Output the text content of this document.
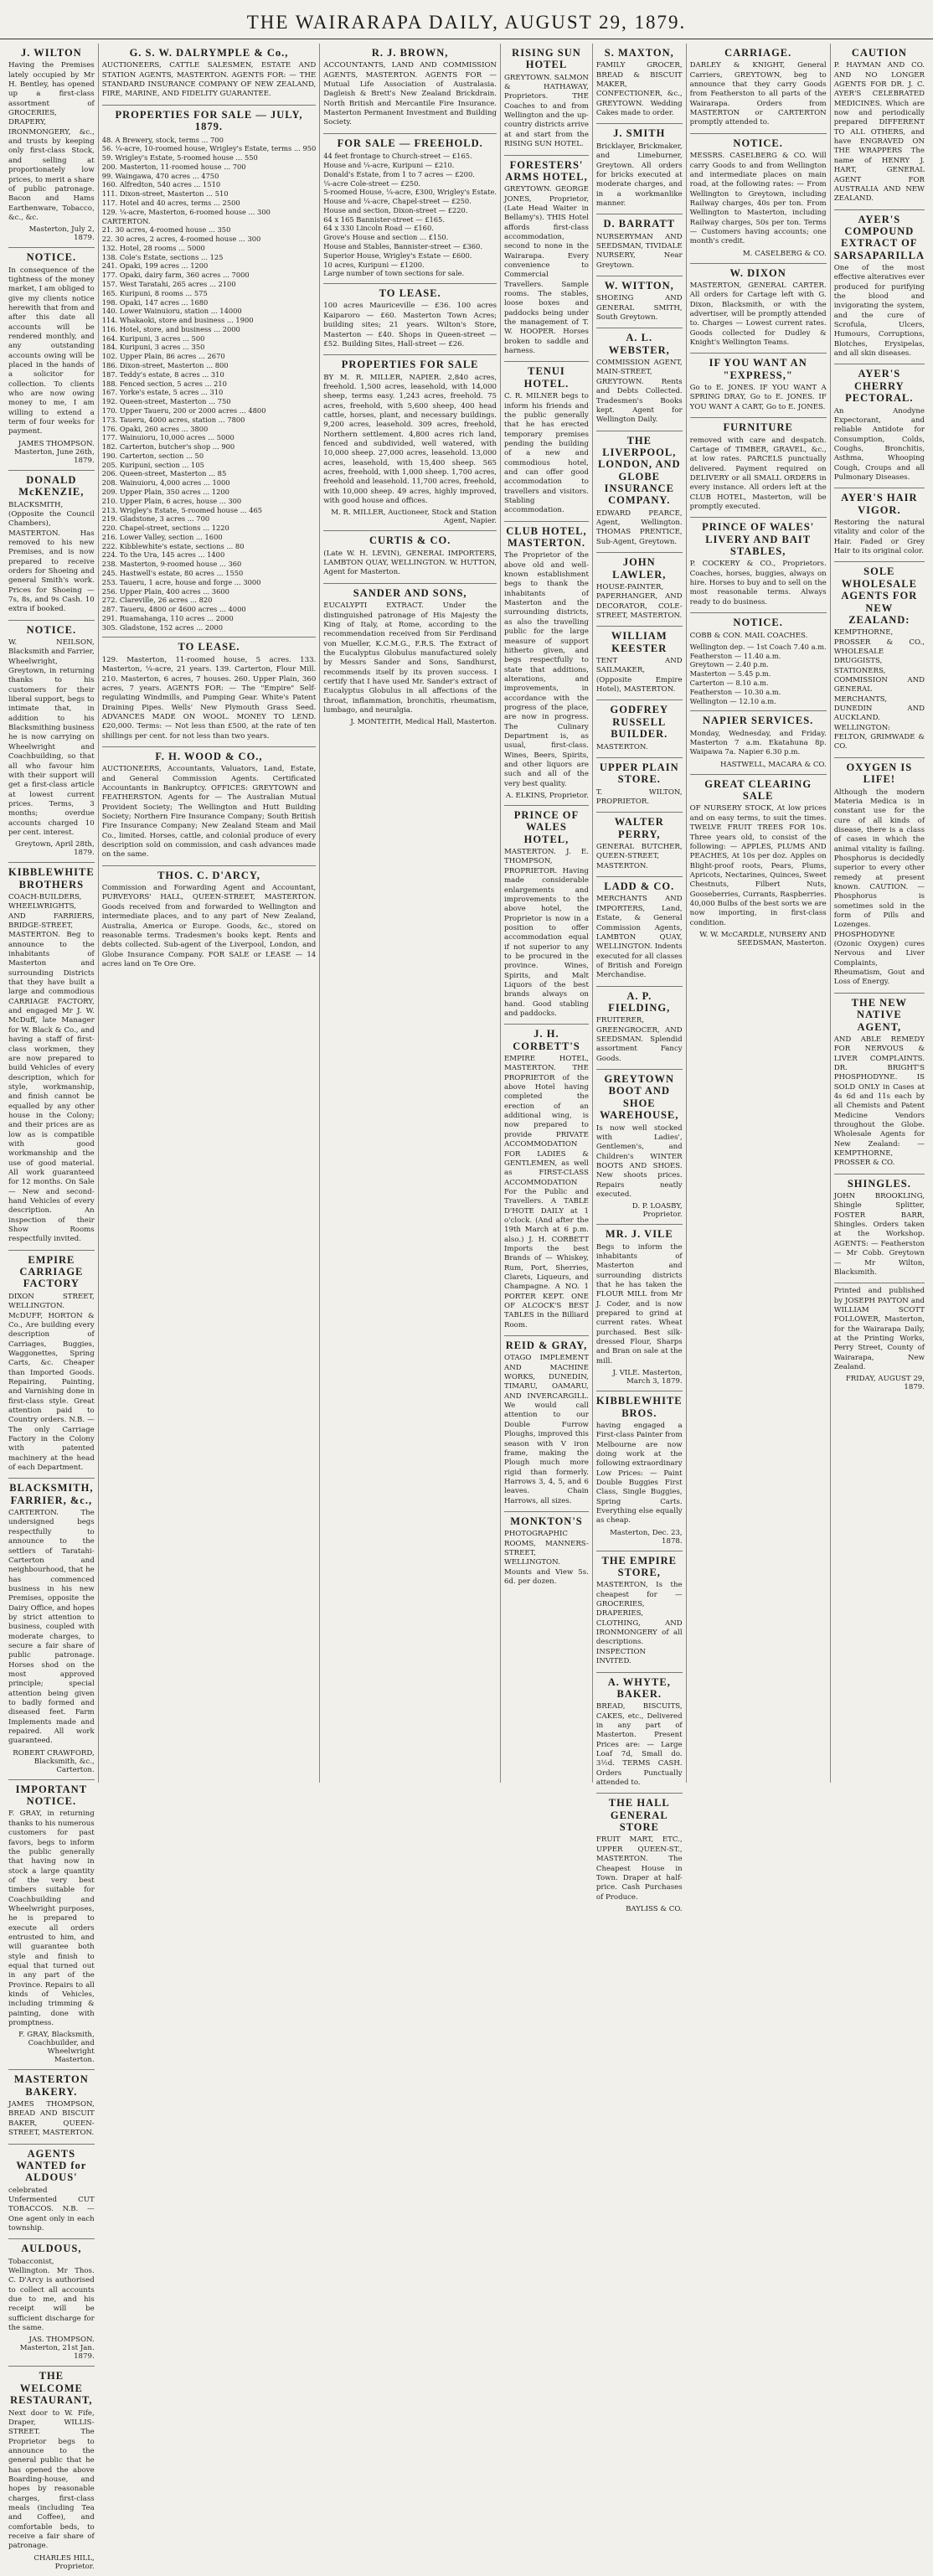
THE WAIRARAPA DAILY, AUGUST 29, 1879.
J. WILTON

Having the Premises lately occupied by Mr H. Bentley, has opened up a first-class assortment of GROCERIES, DRAPERY, IRONMONGERY, &c., and trusts by keeping only first-class Stock, and selling at proportionately low prices, to merit a share of public patronage. Bacon and Hams Earthenware, Tobacco, &c., &c.

Masterton, July 2, 1879.
NOTICE.

In consequence of the tightness of the money market, I am obliged to give my clients notice herewith that from and after this date all accounts will be rendered monthly, and any outstanding accounts owing will be placed in the hands of a solicitor for collection. To clients who are now owing money to me, I am willing to extend a term of four weeks for payment.

JAMES THOMPSON. Masterton, June 26th, 1879.
DONALD McKENZIE,

BLACKSMITH, (Opposite the Council Chambers), MASTERTON. Has removed to his new Premises, and is now prepared to receive orders for Shoeing and general Smith's work. Prices for Shoeing — 7s, 8s, and 9s Cash. 10 extra if booked.

NOTICE.

W. NEILSON, Blacksmith and Farrier, Wheelwright, Greytown, in returning thanks to his customers for their liberal support, begs to intimate that, in addition to his Blacksmithing business he is now carrying on Wheelwright and Coachbuilding, so that all who favour him with their support will get a first-class article at lowest current prices. Terms, 3 months; overdue accounts charged 10 per cent. interest.

Greytown, April 28th, 1879.
KIBBLEWHITE BROTHERS

COACH-BUILDERS, WHEELWRIGHTS, AND FARRIERS, BRIDGE-STREET, MASTERTON. Beg to announce to the inhabitants of Masterton and surrounding Districts that they have built a large and commodious CARRIAGE FACTORY, and engaged Mr J. W. McDuff, late Manager for W. Black & Co., and having a staff of first-class workmen, they are now prepared to build Vehicles of every description, which for style, workmanship, and finish cannot be equalled by any other house in the Colony; and their prices are as low as is compatible with good workmanship and the use of good material. All work guaranteed for 12 months. On Sale — New and second-hand Vehicles of every description. An inspection of their Show Rooms respectfully invited.

EMPIRE CARRIAGE FACTORY

DIXON STREET, WELLINGTON. McDUFF, HORTON & Co., Are building every description of Carriages, Buggies, Waggonettes, Spring Carts, &c. Cheaper than Imported Goods. Repairing, Painting, and Varnishing done in first-class style. Great attention paid to Country orders. N.B. — The only Carriage Factory in the Colony with patented machinery at the head of each Department.

BLACKSMITH, FARRIER, &c.,

CARTERTON. The undersigned begs respectfully to announce to the settlers of Taratahi-Carterton and neighbourhood, that he has commenced business in his new Premises, opposite the Dairy Office, and hopes by strict attention to business, coupled with moderate charges, to secure a fair share of public patronage. Horses shod on the most approved principle; special attention being given to badly formed and diseased feet. Farm Implements made and repaired. All work guaranteed.

ROBERT CRAWFORD, Blacksmith, &c., Carterton.
IMPORTANT NOTICE.

F. GRAY, in returning thanks to his numerous customers for past favors, begs to inform the public generally that having now in stock a large quantity of the very best timbers suitable for Coachbuilding and Wheelwright purposes, he is prepared to execute all orders entrusted to him, and will guarantee both style and finish to equal that turned out in any part of the Province. Repairs to all kinds of Vehicles, including trimming & painting, done with promptness.

F. GRAY, Blacksmith, Coachbuilder, and Wheelwright Masterton.
MASTERTON BAKERY.

JAMES THOMPSON, BREAD AND BISCUIT BAKER, QUEEN-STREET, MASTERTON.

AGENTS WANTED for ALDOUS'

celebrated Unfermented CUT TOBACCOS. N.B. — One agent only in each township.

AULDOUS,

Tobacconist, Wellington. Mr Thos. C. D'Arcy is authorised to collect all accounts due to me, and his receipt will be sufficient discharge for the same.

JAS. THOMPSON. Masterton, 21st Jan. 1879.
THE WELCOME RESTAURANT,

Next door to W. Fife, Draper, WILLIS-STREET. The Proprietor begs to announce to the general public that he has opened the above Boarding-house, and hopes by reasonable charges, first-class meals (including Tea and Coffee), and comfortable beds, to receive a fair share of patronage.

CHARLES HILL, Proprietor.
G. S. W. DALRYMPLE & Co.,

AUCTIONEERS, CATTLE SALESMEN, ESTATE AND STATION AGENTS, MASTERTON. AGENTS FOR: — THE STANDARD INSURANCE COMPANY OF NEW ZEALAND, FIRE, MARINE, AND FIDELITY GUARANTEE.

PROPERTIES FOR SALE — JULY, 1879.
48. A Brewery, stock, terms ... 700
56. ¼-acre, 10-roomed house, Wrigley's Estate, terms ... 950
59. Wrigley's Estate, 5-roomed house ... 550
200. Masterton, 11-roomed house ... 700
99. Waingawa, 470 acres ... 4750
160. Alfredton, 540 acres ... 1510
111. Dixon-street, Masterton ... 510
117. Hotel and 40 acres, terms ... 2500
129. ¼-acre, Masterton, 6-roomed house ... 300
CARTERTON.
21. 30 acres, 4-roomed house ... 350
22. 30 acres, 2 acres, 4-roomed house ... 300
132. Hotel, 28 rooms ... 5000
138. Cole's Estate, sections ... 125
241. Opaki, 199 acres ... 1200
177. Opaki, dairy farm, 360 acres ... 7000
157. West Taratahi, 265 acres ... 2100
165. Kuripuni, 8 rooms ... 575
198. Opaki, 147 acres ... 1680
140. Lower Wainuioru, station ... 14000
114. Whakaoki, store and business ... 1900
116. Hotel, store, and business ... 2000
164. Kuripuni, 3 acres ... 500
184. Kuripuni, 3 acres ... 350
102. Upper Plain, 86 acres ... 2670
186. Dixon-street, Masterton ... 800
187. Teddy's estate, 8 acres ... 310
188. Fenced section, 5 acres ... 210
167. Yorke's estate, 5 acres ... 310
192. Queen-street, Masterton ... 750
170. Upper Taueru, 200 or 2000 acres ... 4800
173. Taueru, 4000 acres, station ... 7800
176. Opaki, 260 acres ... 3800
177. Wainuioru, 10,000 acres ... 5000
182. Carterton, butcher's shop ... 900
190. Carterton, section ... 50
205. Kuripuni, section ... 105
206. Queen-street, Masterton ... 85
208. Wainuioru, 4,000 acres ... 1000
209. Upper Plain, 350 acres ... 1200
210. Upper Plain, 6 acres, house ... 300
213. Wrigley's Estate, 5-roomed house ... 465
219. Gladstone, 3 acres ... 700
220. Chapel-street, sections ... 1220
216. Lower Valley, section ... 1600
222. Kibblewhite's estate, sections ... 80
224. To the Ura, 145 acres ... 1400
238. Masterton, 9-roomed house ... 360
245. Hastwell's estate, 80 acres ... 1550
253. Taueru, 1 acre, house and forge ... 3000
256. Upper Plain, 400 acres ... 3600
272. Clareville, 26 acres ... 820
287. Taueru, 4800 or 4600 acres ... 4000
291. Ruamahanga, 110 acres ... 2000
305. Gladstone, 152 acres ... 2000
TO LEASE.

129. Masterton, 11-roomed house, 5 acres. 133. Masterton, ¼-acre, 21 years. 139. Carterton, Flour Mill. 210. Masterton, 6 acres, 7 houses. 260. Upper Plain, 360 acres, 7 years. AGENTS FOR: — The "Empire" Self-regulating Windmills, and Pumping Gear. White's Patent Draining Pipes. Wells' New Plymouth Grass Seed. ADVANCES MADE ON WOOL. MONEY TO LEND. £20,000. Terms: — Not less than £500, at the rate of ten shillings per cent. for not less than two years.

F. H. WOOD & CO.,

AUCTIONEERS, Accountants, Valuators, Land, Estate, and General Commission Agents. Certificated Accountants in Bankruptcy. OFFICES: GREYTOWN and FEATHERSTON. Agents for — The Australian Mutual Provident Society; The Wellington and Hutt Building Society; Northern Fire Insurance Company; South British Fire Insurance Company; New Zealand Steam and Mail Co., limited. Horses, cattle, and colonial produce of every description sold on commission, and cash advances made on the same.

THOS. C. D'ARCY,

Commission and Forwarding Agent and Accountant, PURVEYORS' HALL, QUEEN-STREET, MASTERTON. Goods received from and forwarded to Wellington and intermediate places, and to any part of New Zealand, Australia, America or Europe. Goods, &c., stored on reasonable terms. Tradesmen's books kept. Rents and debts collected. Sub-agent of the Liverpool, London, and Globe Insurance Company. FOR SALE or LEASE — 14 acres land on Te Ore Ore.

R. J. BROWN,

ACCOUNTANTS, LAND AND COMMISSION AGENTS, MASTERTON. AGENTS FOR — Mutual Life Association of Australasia. Dagleish & Brett's New Zealand Brickdrain. North British and Mercantile Fire Insurance. Masterton Permanent Investment and Building Society.

FOR SALE — FREEHOLD.
44 feet frontage to Church-street — £165.
House and ¼-acre, Kuripuni — £210.
Donald's Estate, from 1 to 7 acres — £200.
¼-acre Cole-street — £250.
5-roomed House, ¼-acre, £300, Wrigley's Estate.
House and ¼-acre, Chapel-street — £250.
House and section, Dixon-street — £220.
64 x 165 Bannister-street — £165.
64 x 330 Lincoln Road — £160.
Grove's House and section ... £150.
House and Stables, Bannister-street — £360.
Superior House, Wrigley's Estate — £600.
10 acres, Kuripuni — £1200.
Large number of town sections for sale.
TO LEASE.

100 acres Mauriceville — £36. 100 acres Kaiparoro — £60. Masterton Town Acres; building sites; 21 years. Wilton's Store, Masterton — £40. Shops in Queen-street — £52. Building Sites, Hall-street — £26.

PROPERTIES FOR SALE

BY M. R. MILLER, NAPIER. 2,840 acres, freehold. 1,500 acres, leasehold, with 14,000 sheep, terms easy. 1,243 acres, freehold. 75 acres, freehold, with 5,600 sheep, 400 head cattle, horses, plant, and necessary buildings. 9,200 acres, leasehold. 309 acres, freehold, Northern settlement. 4,800 acres rich land, fenced and subdivided, well watered, with 10,000 sheep. 27,000 acres, leasehold. 13,000 acres, leasehold, with 15,400 sheep. 565 acres, freehold, with 1,000 sheep. 1,700 acres, freehold and leasehold. 11,700 acres, freehold, with 10,000 sheep. 49 acres, highly improved, with good house and offices.

M. R. MILLER, Auctioneer, Stock and Station Agent, Napier.
CURTIS & CO.

(Late W. H. LEVIN), GENERAL IMPORTERS, LAMBTON QUAY, WELLINGTON. W. HUTTON, Agent for Masterton.

SANDER AND SONS,

EUCALYPTI EXTRACT. Under the distinguished patronage of His Majesty the King of Italy, at Rome, according to the recommendation received from Sir Ferdinand von Mueller, K.C.M.G., F.R.S. The Extract of the Eucalyptus Globulus manufactured solely by Messrs Sander and Sons, Sandhurst, recommends itself by its proven success. I certify that I have used Mr. Sander's extract of Eucalyptus Globulus in all affections of the throat, inflammation, bronchitis, rheumatism, lumbago, and neuralgia.

J. MONTEITH, Medical Hall, Masterton.
RISING SUN HOTEL

GREYTOWN. SALMON & HATHAWAY, Proprietors. THE Coaches to and from Wellington and the up-country districts arrive at and start from the RISING SUN HOTEL.

FORESTERS' ARMS HOTEL,

GREYTOWN. GEORGE JONES, Proprietor, (Late Head Waiter in Bellamy's). THIS Hotel affords first-class accommodation, second to none in the Wairarapa. Every convenience to Commercial Travellers. Sample rooms. The stables, loose boxes and paddocks being under the management of T. W. HOOPER. Horses broken to saddle and harness.

TENUI HOTEL.

C. R. MILNER begs to inform his friends and the public generally that he has erected temporary premises pending the building of a new and commodious hotel, and can offer good accommodation to travellers and visitors. Stabling accommodation.

CLUB HOTEL, MASTERTON.

The Proprietor of the above old and well-known establishment begs to thank the inhabitants of Masterton and the surrounding districts, as also the travelling public for the large measure of support hitherto given, and begs respectfully to state that additions, alterations, and improvements, in accordance with the progress of the place, are now in progress. The Culinary Department is, as usual, first-class. Wines, Beers, Spirits, and other liquors are such and all of the very best quality.

A. ELKINS, Proprietor.
PRINCE OF WALES HOTEL,

MASTERTON. J. E. THOMPSON, PROPRIETOR. Having made considerable enlargements and improvements to the above hotel, the Proprietor is now in a position to offer accommodation equal if not superior to any to be procured in the province. Wines, Spirits, and Malt Liquors of the best brands always on hand. Good stabling and paddocks.

J. H. CORBETT'S

EMPIRE HOTEL, MASTERTON. THE PROPRIETOR of the above Hotel having completed the erection of an additional wing, is now prepared to provide PRIVATE ACCOMMODATION FOR LADIES & GENTLEMEN, as well as FIRST-CLASS ACCOMMODATION For the Public and Travellers. A TABLE D'HOTE DAILY at 1 o'clock. (And after the 19th March at 6 p.m. also.) J. H. CORBETT Imports the best Brands of — Whiskey, Rum, Port, Sherries, Clarets, Liqueurs, and Champagne. A NO. 1 PORTER KEPT. ONE OF ALCOCK'S BEST TABLES in the Billiard Room.

REID & GRAY,

OTAGO IMPLEMENT AND MACHINE WORKS, DUNEDIN, TIMARU, OAMARU, AND INVERCARGILL. We would call attention to our Double Furrow Ploughs, improved this season with V iron frame, making the Plough much more rigid than formerly. Harrows 3, 4, 5, and 6 leaves. Chain Harrows, all sizes.

MONKTON'S

PHOTOGRAPHIC ROOMS, MANNERS-STREET, WELLINGTON. Mounts and View 5s. 6d. per dozen.

S. MAXTON,

FAMILY GROCER, BREAD & BISCUIT MAKER, CONFECTIONER, &c., GREYTOWN. Wedding Cakes made to order.

J. SMITH

Bricklayer, Brickmaker, and Limeburner, Greytown. All orders for bricks executed at moderate charges, and in a workmanlike manner.

D. BARRATT

NURSERYMAN AND SEEDSMAN, TIVIDALE NURSERY, Near Greytown.

W. WITTON,

SHOEING AND GENERAL SMITH, South Greytown.

A. L. WEBSTER,

COMMISSION AGENT, MAIN-STREET, GREYTOWN. Rents and Debts Collected. Tradesmen's Books kept. Agent for Wellington Daily.

THE LIVERPOOL, LONDON, AND GLOBE INSURANCE COMPANY.

EDWARD PEARCE, Agent, Wellington. THOMAS PRENTICE, Sub-Agent, Greytown.

JOHN LAWLER,

HOUSE-PAINTER, PAPERHANGER, AND DECORATOR, COLE-STREET, MASTERTON.

WILLIAM KEESTER

TENT AND SAILMAKER, (Opposite Empire Hotel), MASTERTON.

GODFREY RUSSELL BUILDER.

MASTERTON.

UPPER PLAIN STORE.

T. WILTON, PROPRIETOR.

WALTER PERRY,

GENERAL BUTCHER, QUEEN-STREET, MASTERTON.

LADD & CO.

MERCHANTS AND IMPORTERS, Land, Estate, & General Commission Agents, LAMBTON QUAY, WELLINGTON. Indents executed for all classes of British and Foreign Merchandise.

A. P. FIELDING,

FRUITERER, GREENGROCER, AND SEEDSMAN. Splendid assortment Fancy Goods.

GREYTOWN BOOT AND SHOE WAREHOUSE,

Is now well stocked with Ladies', Gentlemen's, and Children's WINTER BOOTS AND SHOES. New shoots prices. Repairs neatly executed.

D. P. LOASBY, Proprietor.
MR. J. VILE

Begs to inform the inhabitants of Masterton and surrounding districts that he has taken the FLOUR MILL from Mr J. Coder, and is now prepared to grind at current rates. Wheat purchased. Best silk-dressed Flour, Sharps and Bran on sale at the mill.

J. VILE. Masterton, March 3, 1879.
KIBBLEWHITE BROS.

having engaged a First-class Painter from Melbourne are now doing work at the following extraordinary Low Prices: — Paint Double Buggies First Class, Single Buggies, Spring Carts. Everything else equally as cheap.

Masterton, Dec. 23, 1878.
THE EMPIRE STORE,

MASTERTON, Is the cheapest for — GROCERIES, DRAPERIES, CLOTHING, AND IRONMONGERY of all descriptions. INSPECTION INVITED.

A. WHYTE, BAKER.

BREAD, BISCUITS, CAKES, etc., Delivered in any part of Masterton. Present Prices are: — Large Loaf 7d, Small do. 3½d. TERMS CASH. Orders Punctually attended to.

THE HALL GENERAL STORE

FRUIT MART, ETC., UPPER QUEEN-ST., MASTERTON. The Cheapest House in Town. Draper at half-price. Cash Purchases of Produce.

BAYLISS & CO.
CARRIAGE.

DARLEY & KNIGHT, General Carriers, GREYTOWN, beg to announce that they carry Goods from Featherston to all parts of the Wairarapa. Orders from MASTERTON or CARTERTON promptly attended to.

NOTICE.

MESSRS. CASELBERG & CO. Will carry Goods to and from Wellington and intermediate places on main road, at the following rates: — From Wellington to Greytown, including Railway charges, 40s per ton. From Wellington to Masterton, including Railway charges, 50s per ton. Terms — Customers having accounts; one month's credit.

M. CASELBERG & CO.
W. DIXON

MASTERTON, GENERAL CARTER. All orders for Cartage left with G. Dixon, Blacksmith, or with the advertiser, will be promptly attended to. Charges — Lowest current rates. Goods collected for Dudley & Knight's Wellington Teams.

IF YOU WANT AN "EXPRESS,"

Go to E. JONES. IF YOU WANT A SPRING DRAY, Go to E. JONES. IF YOU WANT A CART, Go to E. JONES.

FURNITURE

removed with care and despatch. Cartage of TIMBER, GRAVEL, &c., at low rates. PARCELS punctually delivered. Payment required on DELIVERY or all SMALL ORDERS in every instance. All orders left at the CLUB HOTEL, Masterton, will be promptly executed.

PRINCE OF WALES' LIVERY AND BAIT STABLES,

P. COCKERY & CO., Proprietors. Coaches, horses, buggies, always on hire. Horses to buy and to sell on the most reasonable terms. Always ready to do business.

NOTICE.

COBB & CON. MAIL COACHES.

Wellington dep. — 1st Coach 7.40 a.m.
Featherston — 11.40 a.m.
Greytown — 2.40 p.m.
Masterton — 5.45 p.m.
Carterton — 8.10 a.m.
Featherston — 10.30 a.m.
Wellington — 12.10 a.m.
NAPIER SERVICES.

Monday, Wednesday, and Friday. Masterton 7 a.m. Ekatahuna 8p. Waipawa 7a. Napier 6.30 p.m.

HASTWELL, MACARA & CO.
GREAT CLEARING SALE

OF NURSERY STOCK, At low prices and on easy terms, to suit the times. TWELVE FRUIT TREES FOR 10s. Three years old, to consist of the following: — APPLES, PLUMS AND PEACHES, At 10s per doz. Apples on Blight-proof roots, Pears, Plums, Apricots, Nectarines, Quinces, Sweet Chestnuts, Filbert Nuts, Gooseberries, Currants, Raspberries. 40,000 Bulbs of the best sorts we are now importing, in first-class condition.

W. W. McCARDLE, NURSERY AND SEEDSMAN, Masterton.
CAUTION

P. HAYMAN AND CO. AND NO LONGER AGENTS FOR DR. J. C. AYER'S CELEBRATED MEDICINES. Which are now and periodically prepared DIFFERENT TO ALL OTHERS, and have ENGRAVED ON THE WRAPPERS The name of HENRY J. HART, GENERAL AGENT FOR AUSTRALIA AND NEW ZEALAND.

AYER'S COMPOUND EXTRACT OF SARSAPARILLA

One of the most effective alteratives ever produced for purifying the blood and invigorating the system, and the cure of Scrofula, Ulcers, Humours, Corruptions, Blotches, Erysipelas, and all skin diseases.

AYER'S CHERRY PECTORAL.

An Anodyne Expectorant, and reliable Antidote for Consumption, Colds, Coughs, Bronchitis, Asthma, Whooping Cough, Croups and all Pulmonary Diseases.

AYER'S HAIR VIGOR.

Restoring the natural vitality and color of the Hair. Faded or Grey Hair to its original color.

SOLE WHOLESALE AGENTS FOR NEW ZEALAND:

KEMPTHORNE, PROSSER & CO., WHOLESALE DRUGGISTS, STATIONERS, COMMISSION AND GENERAL MERCHANTS, DUNEDIN AND AUCKLAND. WELLINGTON: FELTON, GRIMWADE & CO.

OXYGEN IS LIFE!

Although the modern Materia Medica is in constant use for the cure of all kinds of disease, there is a class of cases in which the animal vitality is failing. Phosphorus is decidedly superior to every other remedy at present known. CAUTION. — Phosphorus is sometimes sold in the form of Pills and Lozenges. PHOSPHODYNE (Ozonic Oxygen) cures Nervous and Liver Complaints, Rheumatism, Gout and Loss of Energy.

THE NEW NATIVE AGENT,

AND ABLE REMEDY FOR NERVOUS & LIVER COMPLAINTS. DR. BRIGHT'S PHOSPHODYNE. IS SOLD ONLY in Cases at 4s 6d and 11s each by all Chemists and Patent Medicine Vendors throughout the Globe. Wholesale Agents for New Zealand: — KEMPTHORNE, PROSSER & CO.

SHINGLES.

JOHN BROOKLING, Shingle Splitter, FOSTER BARR, Shingles. Orders taken at the Workshop. AGENTS: — Featherston — Mr Cobb. Greytown — Mr Wilton, Blacksmith.

Printed and published by JOSEPH PAYTON and WILLIAM SCOTT FOLLOWER, Masterton, for the Wairarapa Daily, at the Printing Works, Perry Street, County of Wairarapa, New Zealand.

FRIDAY, AUGUST 29, 1879.
